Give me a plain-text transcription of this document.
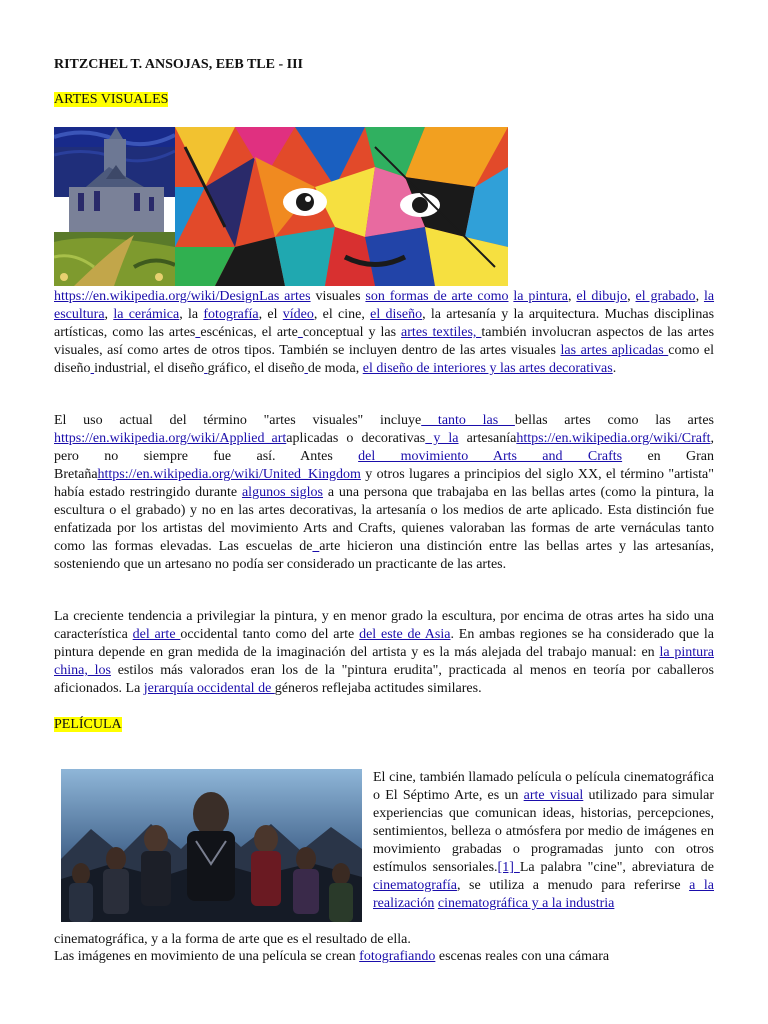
RITZCHEL T. ANSOJAS, EEB TLE - III
ARTES VISUALES
https://en.wikipedia.org/wiki/DesignLas artes visuales son formas de arte como la pintura, el dibujo, el grabado, la escultura, la cerámica, la fotografía, el vídeo, el cine, el diseño, la artesanía y la arquitectura. Muchas disciplinas artísticas, como las artes escénicas, el arte conceptual y las artes textiles, también involucran aspectos de las artes visuales, así como artes de otros tipos. También se incluyen dentro de las artes visuales las artes aplicadas como el diseño industrial, el diseño gráfico, el diseño de moda, el diseño de interiores y las artes decorativas.
El uso actual del término "artes visuales" incluye tanto las bellas artes como las artes https://en.wikipedia.org/wiki/Applied_artaplicadas o decorativas y la artesaníahttps://en.wikipedia.org/wiki/Craft, pero no siempre fue así. Antes del movimiento Arts and Crafts en Gran Bretañahttps://en.wikipedia.org/wiki/United_Kingdom y otros lugares a principios del siglo XX, el término "artista" había estado restringido durante algunos siglos a una persona que trabajaba en las bellas artes (como la pintura, la escultura o el grabado) y no en las artes decorativas, la artesanía o los medios de arte aplicado. Esta distinción fue enfatizada por los artistas del movimiento Arts and Crafts, quienes valoraban las formas de arte vernáculas tanto como las formas elevadas. Las escuelas de arte hicieron una distinción entre las bellas artes y las artesanías, sosteniendo que un artesano no podía ser considerado un practicante de las artes.
La creciente tendencia a privilegiar la pintura, y en menor grado la escultura, por encima de otras artes ha sido una característica del arte occidental tanto como del arte del este de Asia. En ambas regiones se ha considerado que la pintura depende en gran medida de la imaginación del artista y es la más alejada del trabajo manual: en la pintura china, los estilos más valorados eran los de la "pintura erudita", practicada al menos en teoría por caballeros aficionados. La jerarquía occidental de géneros reflejaba actitudes similares.
PELÍCULA
El cine, también llamado película o película cinematográfica o El Séptimo Arte, es un arte visual utilizado para simular experiencias que comunican ideas, historias, percepciones, sentimientos, belleza o atmósfera por medio de imágenes en movimiento grabadas o programadas junto con otros estímulos sensoriales.[1] La palabra "cine", abreviatura de cinematografía, se utiliza a menudo para referirse a la realización cinematográfica y a la industria
cinematográfica, y a la forma de arte que es el resultado de ella.
Las imágenes en movimiento de una película se crean fotografiando escenas reales con una cámara
